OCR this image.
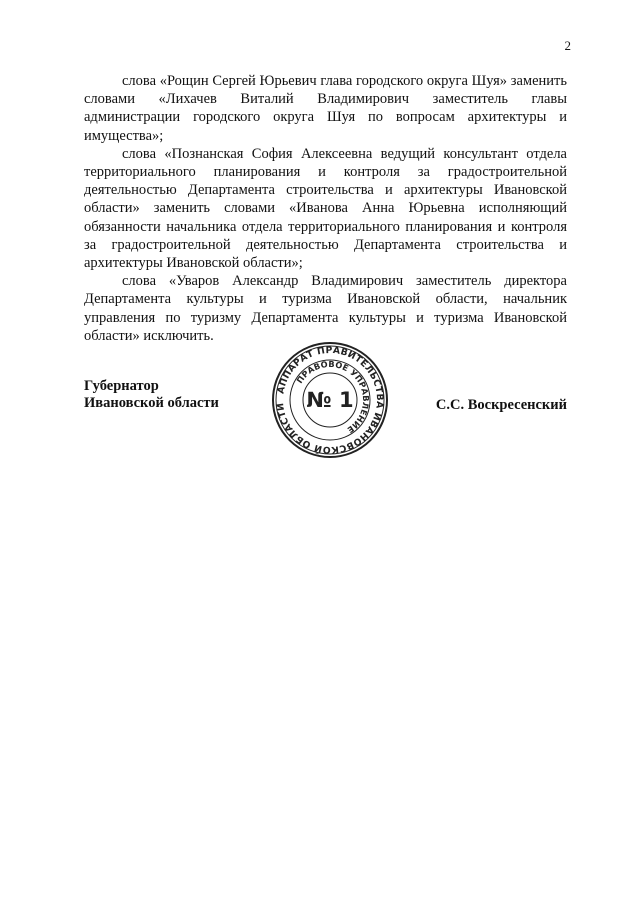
2

слова «Рощин Сергей Юрьевич глава городского округа Шуя» заменить словами «Лихачев Виталий Владимирович заместитель главы администрации городского округа Шуя по вопросам архитектуры и имущества»;

слова «Познанская София Алексеевна ведущий консультант отдела территориального планирования и контроля за градостроительной деятельностью Департамента строительства и архитектуры Ивановской области» заменить словами «Иванова Анна Юрьевна исполняющий обязанности начальника отдела территориального планирования и контроля за градостроительной деятельностью Департамента строительства и архитектуры Ивановской области»;

слова «Уваров Александр Владимирович заместитель директора Департамента культуры и туризма Ивановской области, начальник управления по туризму Департамента культуры и туризма Ивановской области» исключить.

Губернатор
Ивановской области	С.С. Воскресенский
АППАРАТ ПРАВИТЕЛЬСТВА ИВАНОВСКОЙ ОБЛАСТИ
ПРАВОВОЕ УПРАВЛЕНИЕ
№ 1
